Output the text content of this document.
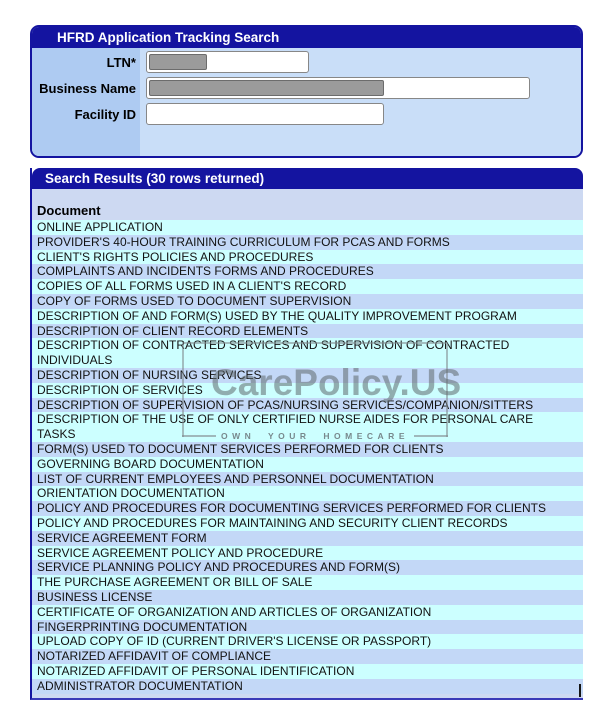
HFRD Application Tracking Search
LTN*
Business Name
Facility ID
Search Results (30 rows returned)
Document
ONLINE APPLICATION
PROVIDER'S 40-HOUR TRAINING CURRICULUM FOR PCAS AND FORMS
CLIENT'S RIGHTS POLICIES AND PROCEDURES
COMPLAINTS AND INCIDENTS FORMS AND PROCEDURES
COPIES OF ALL FORMS USED IN A CLIENT'S RECORD
COPY OF FORMS USED TO DOCUMENT SUPERVISION
DESCRIPTION OF AND FORM(S) USED BY THE QUALITY IMPROVEMENT PROGRAM
DESCRIPTION OF CLIENT RECORD ELEMENTS
DESCRIPTION OF CONTRACTED SERVICES AND SUPERVISION OF CONTRACTED INDIVIDUALS
DESCRIPTION OF NURSING SERVICES
DESCRIPTION OF SERVICES
DESCRIPTION OF SUPERVISION OF PCAS/NURSING SERVICES/COMPANION/SITTERS
DESCRIPTION OF THE USE OF ONLY CERTIFIED NURSE AIDES FOR PERSONAL CARE TASKS
FORM(S) USED TO DOCUMENT SERVICES PERFORMED FOR CLIENTS
GOVERNING BOARD DOCUMENTATION
LIST OF CURRENT EMPLOYEES AND PERSONNEL DOCUMENTATION
ORIENTATION DOCUMENTATION
POLICY AND PROCEDURES FOR DOCUMENTING SERVICES PERFORMED FOR CLIENTS
POLICY AND PROCEDURES FOR MAINTAINING AND SECURITY CLIENT RECORDS
SERVICE AGREEMENT FORM
SERVICE AGREEMENT POLICY AND PROCEDURE
SERVICE PLANNING POLICY AND PROCEDURES AND FORM(S)
THE PURCHASE AGREEMENT OR BILL OF SALE
BUSINESS LICENSE
CERTIFICATE OF ORGANIZATION AND ARTICLES OF ORGANIZATION
FINGERPRINTING DOCUMENTATION
UPLOAD COPY OF ID (CURRENT DRIVER'S LICENSE OR PASSPORT)
NOTARIZED AFFIDAVIT OF COMPLIANCE
NOTARIZED AFFIDAVIT OF PERSONAL IDENTIFICATION
ADMINISTRATOR DOCUMENTATION
CarePolicy.US
OWN YOUR HOMECARE
